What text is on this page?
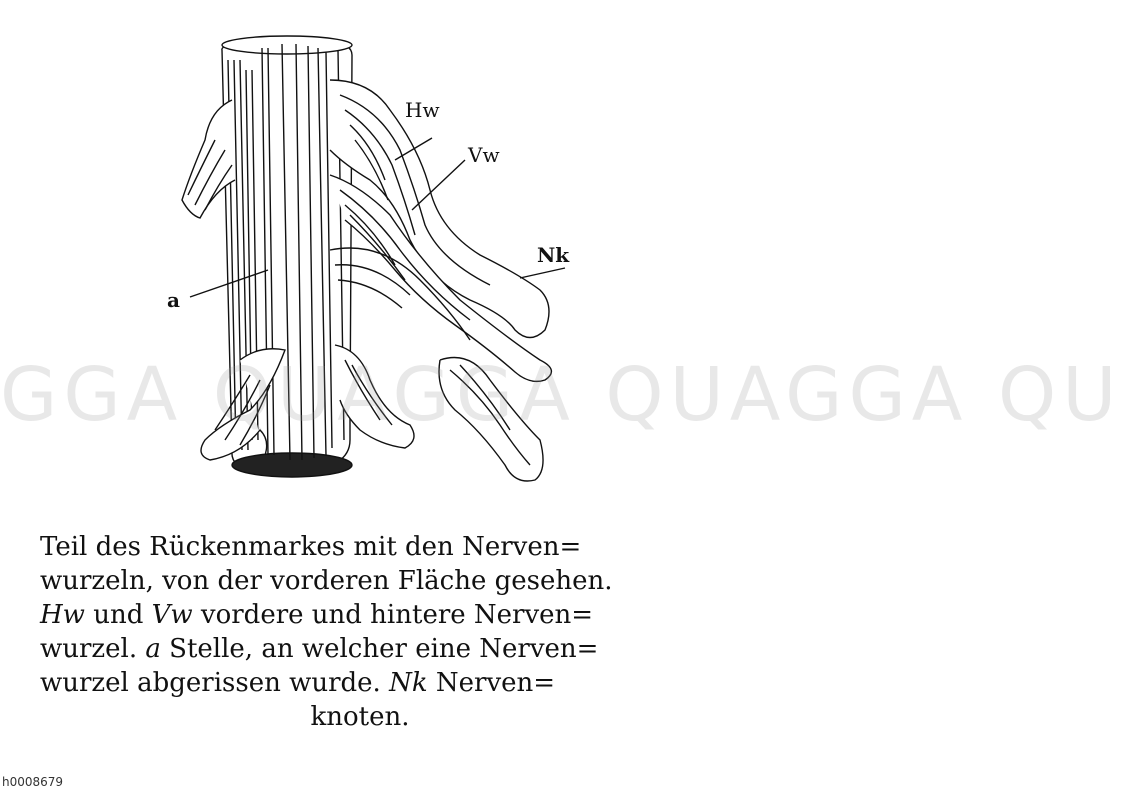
Hw
Vw
Nk
a
GGA QUAGGA QUAGGA QU
Teil des Rückenmarkes mit den Nerven=
wurzeln, von der vorderen Fläche gesehen.
Hw und Vw vordere und hintere Nerven=
wurzel. a Stelle, an welcher eine Nerven=
wurzel abgerissen wurde. Nk Nerven=
knoten.
h0008679
